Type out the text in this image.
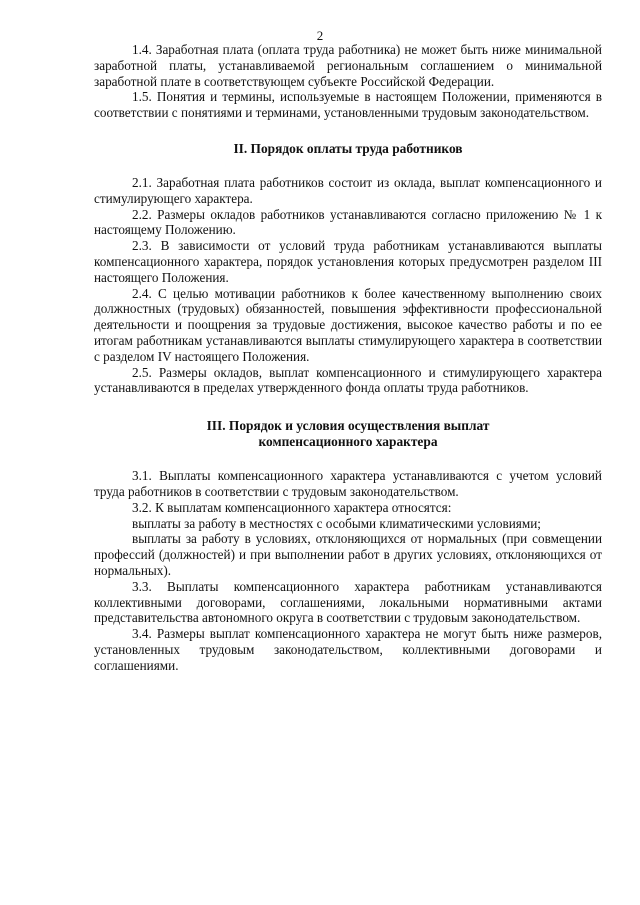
2

1.4. Заработная плата (оплата труда работника) не может быть ниже минимальной заработной платы, устанавливаемой региональным соглашением о минимальной заработной плате в соответствующем субъекте Российской Федерации.

1.5. Понятия и термины, используемые в настоящем Положении, применяются в соответствии с понятиями и терминами, установленными трудовым законодательством.

II. Порядок оплаты труда работников

2.1. Заработная плата работников состоит из оклада, выплат компенсационного и стимулирующего характера.

2.2. Размеры окладов работников устанавливаются согласно приложению № 1 к настоящему Положению.

2.3. В зависимости от условий труда работникам устанавливаются выплаты компенсационного характера, порядок установления которых предусмотрен разделом III настоящего Положения.

2.4. С целью мотивации работников к более качественному выполнению своих должностных (трудовых) обязанностей, повышения эффективности профессиональной деятельности и поощрения за трудовые достижения, высокое качество работы и по ее итогам работникам устанавливаются выплаты стимулирующего характера в соответствии с разделом IV настоящего Положения.

2.5. Размеры окладов, выплат компенсационного и стимулирующего характера устанавливаются в пределах утвержденного фонда оплаты труда работников.

III. Порядок и условия осуществления выплат
компенсационного характера

3.1. Выплаты компенсационного характера устанавливаются с учетом условий труда работников в соответствии с трудовым законодательством.

3.2. К выплатам компенсационного характера относятся:

выплаты за работу в местностях с особыми климатическими условиями;

выплаты за работу в условиях, отклоняющихся от нормальных (при совмещении профессий (должностей) и при выполнении работ в других условиях, отклоняющихся от нормальных).

3.3. Выплаты компенсационного характера работникам устанавливаются коллективными договорами, соглашениями, локальными нормативными актами представительства автономного округа в соответствии с трудовым законодательством.

3.4. Размеры выплат компенсационного характера не могут быть ниже размеров, установленных трудовым законодательством, коллективными договорами и соглашениями.
